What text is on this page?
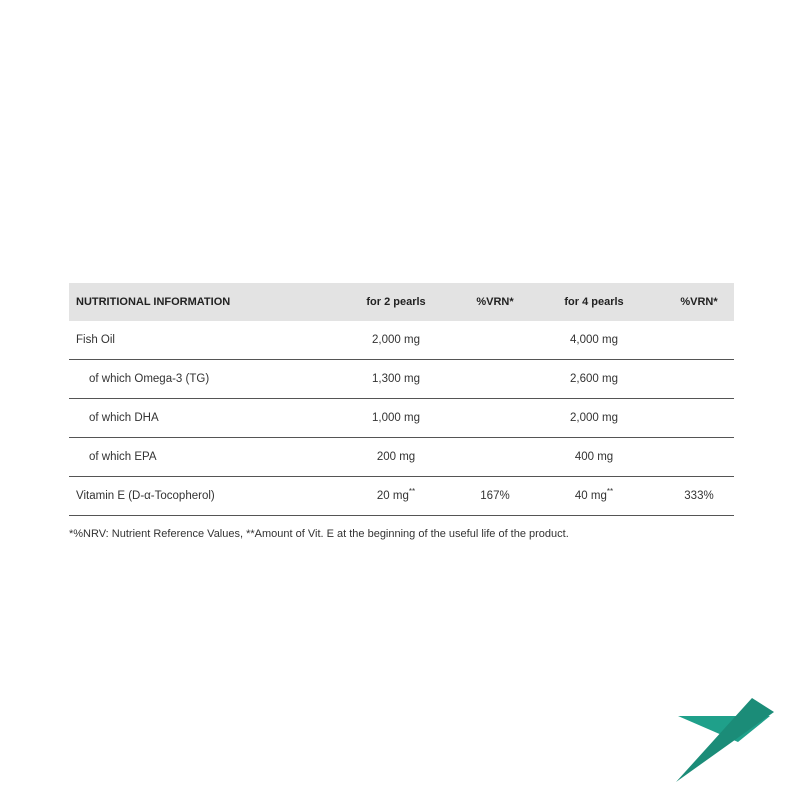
NUTRITIONAL INFORMATION	for 2 pearls	%VRN*	for 4 pearls	%VRN*
Fish Oil	2,000 mg		4,000 mg	
of which Omega-3 (TG)	1,300 mg		2,600 mg	
of which DHA	1,000 mg		2,000 mg	
of which EPA	200 mg		400 mg	
Vitamin E (D-α-Tocopherol)	20 mg**	167%	40 mg**	333%
*%NRV: Nutrient Reference Values, **Amount of Vit. E at the beginning of the useful life of the product.
